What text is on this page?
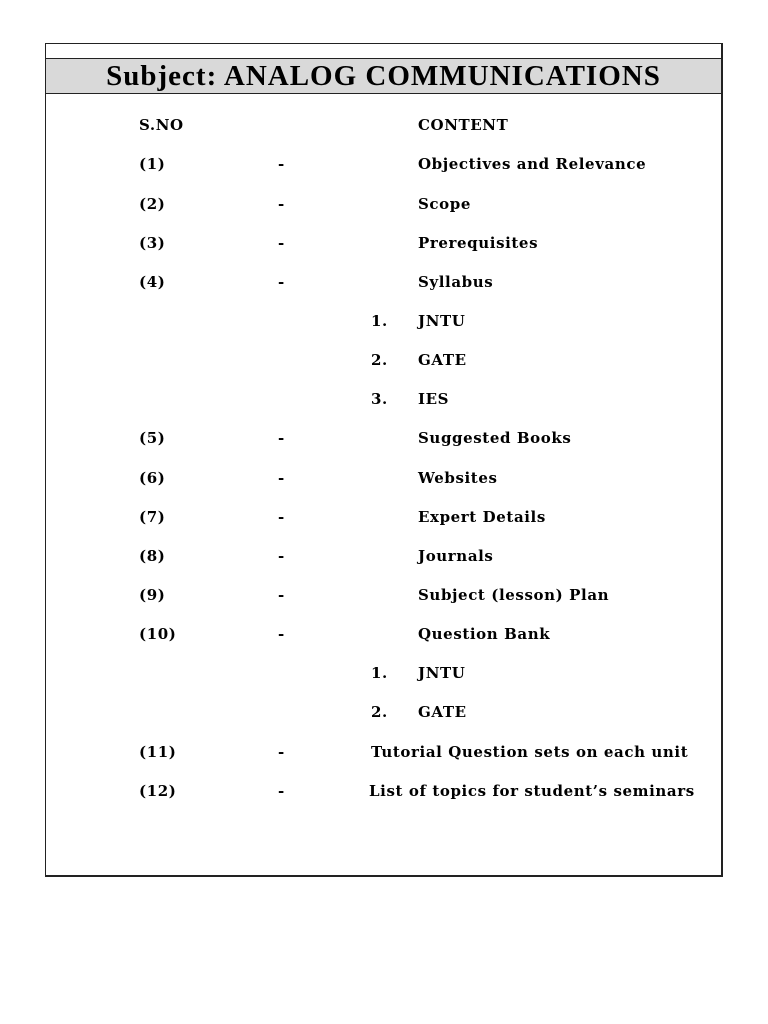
Subject: ANALOG COMMUNICATIONS
S.NO	CONTENT
(1)	-	Objectives and Relevance
(2)	-	Scope
(3)	-	Prerequisites
(4)	-	Syllabus
1. JNTU
2. GATE
3. IES
(5)	-	Suggested Books
(6)	-	Websites
(7)	-	Expert Details
(8)	-	Journals
(9)	-	Subject (lesson) Plan
(10)	-	Question Bank
1. JNTU
2. GATE
(11)	-	Tutorial Question sets on each unit
(12)	-	List of topics for student’s seminars
